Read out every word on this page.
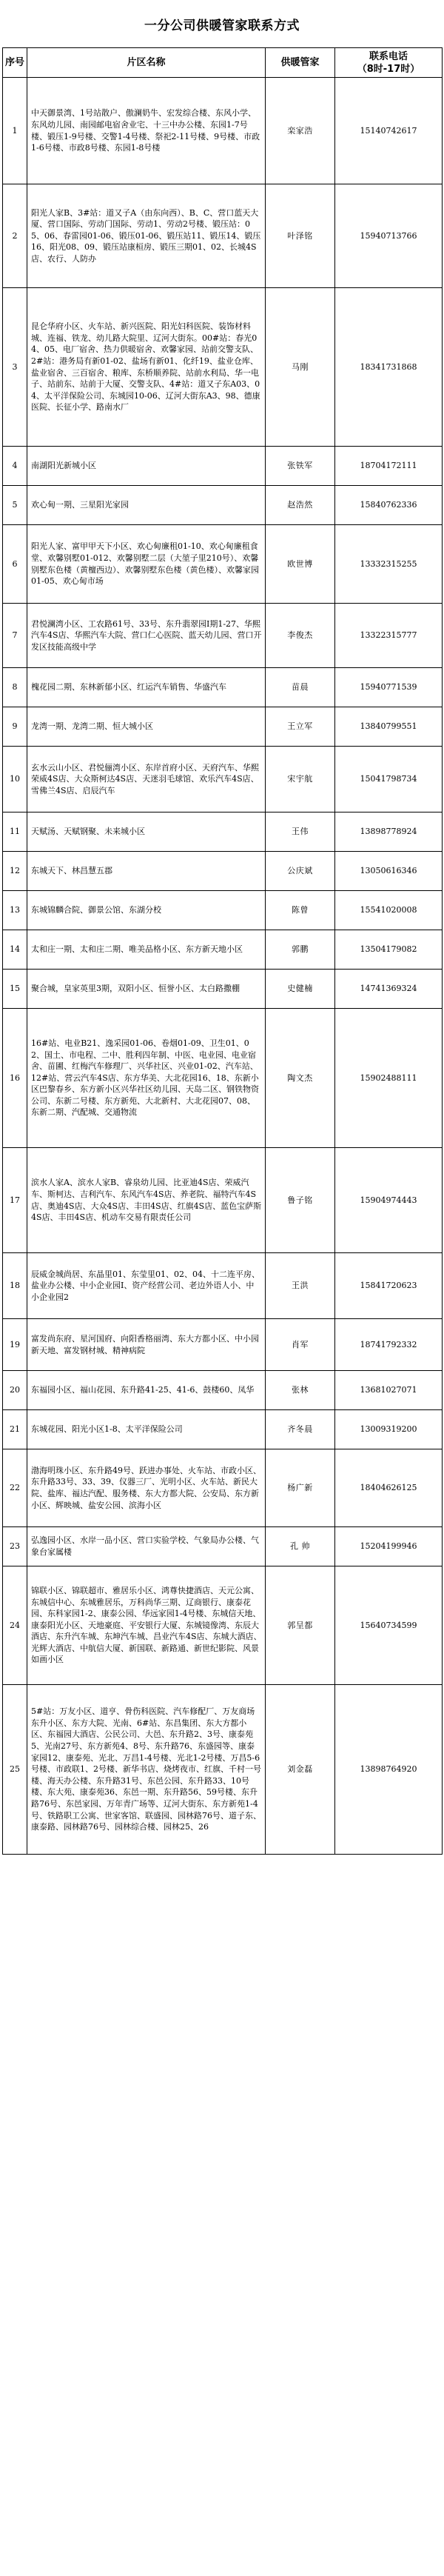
一分公司供暖管家联系方式
序号	片区名称	供暖管家	联系电话
（8时-17时）
1	中天御景湾、1号站散户、傲澜奶牛、宏发综合楼、东风小学、东风幼儿园、南园邮电宿舍业宅、十三中办公楼、东园1-7号楼、锻压1-9号楼、交警1-4号楼、祭祀2-11号楼、9号楼、市政1-6号楼、市政8号楼、东园1-8号楼	栾家浩	15140742617
2	阳光人家B、3#站：道又子A（由东向西）、B、C、营口蓝天大厦、营口国际、劳动门国际、劳动1、劳动2号楼、锻压站：05、06、春雷园01-06、锻压01-06、锻压站11、锻压14、锻压16、阳光08、09、锻压站康桓房、锻压三期01、02、长城4S店、农行、人防办	叶泽铭	15940713766
3	昆仑华府小区、火车站、新兴医院、阳光妇科医院、装饰材料城、连福、铁龙、幼儿路大院里、辽河大街东。00#站：春光04、05、电厂宿舍、热力供暖宿舍、欢馨家园、站前交警支队、2#站：港务局有新01-02、盐场有新01、化纤19、盐业仓库、盐业宿舍、三百宿舍、粮库、东桥顺养院、站前水利局、华一电子、站前东、站前于大厦、交警支队、4#站：道又子东A03、04、太平洋保险公司、东城园10-06、辽河大街东A3、98、德康医院、长征小学、路南水厂	马刚	18341731868
4	南湖阳光新城小区	张铁军	18704172111
5	欢心甸一期、三星阳光家园	赵浩然	15840762336
6	阳光人家、富甲甲天下小区、欢心甸廉租01-10、欢心甸廉租食堂、欢馨别墅01-012、欢馨别墅二层（大堃子里210号）、欢馨别墅东色楼（黄檀西边）、欢馨别墅东色楼（黄色楼）、欢馨家园01-05、欢心甸市场	欧世博	13332315255
7	君悦澜湾小区、工农路61号、33号、东升翡翠园I期1-27、华熙汽车4S店、华熙汽车大院、营口仁心医院、蓝天幼儿园、营口开发区技能高级中学	李俊杰	13322315777
8	槐花园二期、东林新郁小区、红运汽车销售、华盛汽车	苗晨	15940771539
9	龙湾一期、龙湾二期、恒大城小区	王立军	13840799551
10	玄水云山小区、君悦俪湾小区、东岸首府小区、天府汽车、华熙荣威4S店、大众斯柯达4S店、天迷羽毛球馆、欢乐汽车4S店、雪佛兰4S店、启辰汽车	宋宇航	15041798734
11	天赋汤、天赋钢聚、未来城小区	王伟	13898778924
12	东城天下、林昌慧五郡	公庆斌	13050616346
13	东城锦麟合院、御景公馆、东湖分校	陈曾	15541020008
14	太和庄一期、太和庄二期、唯美品格小区、东方新天地小区	郭鹏	13504179082
15	聚合城，皇家英里3期，双阳小区、恒誉小区、太白路撒棚	史健楠	14741369324
16	16#站、电业B21、逸采园01-06、卷烟01-09、卫生01、02、国土、市电程、二中、胜利四年制、中医、电业园、电业宿舍、苗圃、红梅汽车修理厂、兴华社区、兴业01-02、汽车站、12#站、营云汽车4S店、东方华美、大北花园16、18、东新小区巴黎春乡、东方新小区兴华社区幼儿园、天岛二区、钢铁物资公司、东新二号楼、东方新苑、大北新村、大北花园07、08、东新二期、汽配城、交通物流	陶文杰	15902488111
17	滨水人家A、滨水人家B、睿泉幼儿园、比亚迪4S店、荣威汽车、斯柯达、吉利汽车、东风汽车4S店、养老院、福特汽车4S店、奥迪4S店、大众4S店、丰田4S店、红旗4S店、蓝色宝萨斯4S店、丰田4S店、机动车交易有限责任公司	鲁子铭	15904974443
18	辰威金城尚居、东晶里01、东莹里01、02、04、十二连平房、盐业办公楼、中小企业园I、资产经营公司、老边外语人小、中小企业园2	王洪	15841720623
19	富发尚东府、星河国府、向阳香格丽湾、东大方都小区、中小园新天地、富发钢材城、精神病院	肖军	18741792332
20	东福园小区、福山花园、东升路41-25、41-6、鼓楼60、凤华	张林	13681027071
21	东城花园、阳光小区1-8、太平洋保险公司	齐冬晨	13009319200
22	渤海明珠小区、东升路49号、跃进办事处、火车站、市政小区、东升路33号、33、39、仪器三厂、光明小区、火车站、新民大院、盐库、福达汽配、服务楼、东大方都大院、公安局、东方新小区、辉映城、盐安公园、滨海小区	杨广新	18404626125
23	弘逸园小区、水岸一品小区、营口实验学校、气象局办公楼、气象台家属楼	孔 帅	15204199946
24	锦联小区、锦联超市、雅居乐小区、鸿尊快捷酒店、天元公寓、东城信中心、东城雅居乐，万科尚华三期、辽商银行、康泰花园、东科家园1-2、康泰公园、华远家园1-4号楼、东城信天地、康泰阳光小区、天地豪庭、平安银行大厦、东城镜像湾、东辰大酒店、东升汽车城、东坤汽车城、昌业汽车4S店、东城大酒店、光辉大酒店、中航信大厦、新国联、新路通、新世纪影院、风景如画小区	郭呈都	15640734599
25	5#站：万友小区、道亨、骨伤科医院、汽车修配厂、万友商场东升小区、东方大院、光南、6#站、东昌集团、东大方都小区、东福园大酒店、公民公司、大邑、东升路2、3号、康泰苑5、光南27号、东方新苑4、8号、东升路76、东盛园等、康泰家园12、康泰苑、光北、万昌1-4号楼、光北1-2号楼、万昌5-6号楼、市政联1、2号楼、新华书店、烧烤夜市、红旗、千村一号楼、海天办公楼、东升路31号、东邑公园、东升路33、10号楼、东大苑、康泰苑36、东邑一期、东升路56、59号楼、东升路76号、东邑家园、万年青广场等、辽河大街东、东方新苑1-4号、铁路职工公寓、世家客馆、联盛园、园林路76号、道子东、康泰路、园林路76号、园林综合楼、园林25、26	刘金磊	13898764920
